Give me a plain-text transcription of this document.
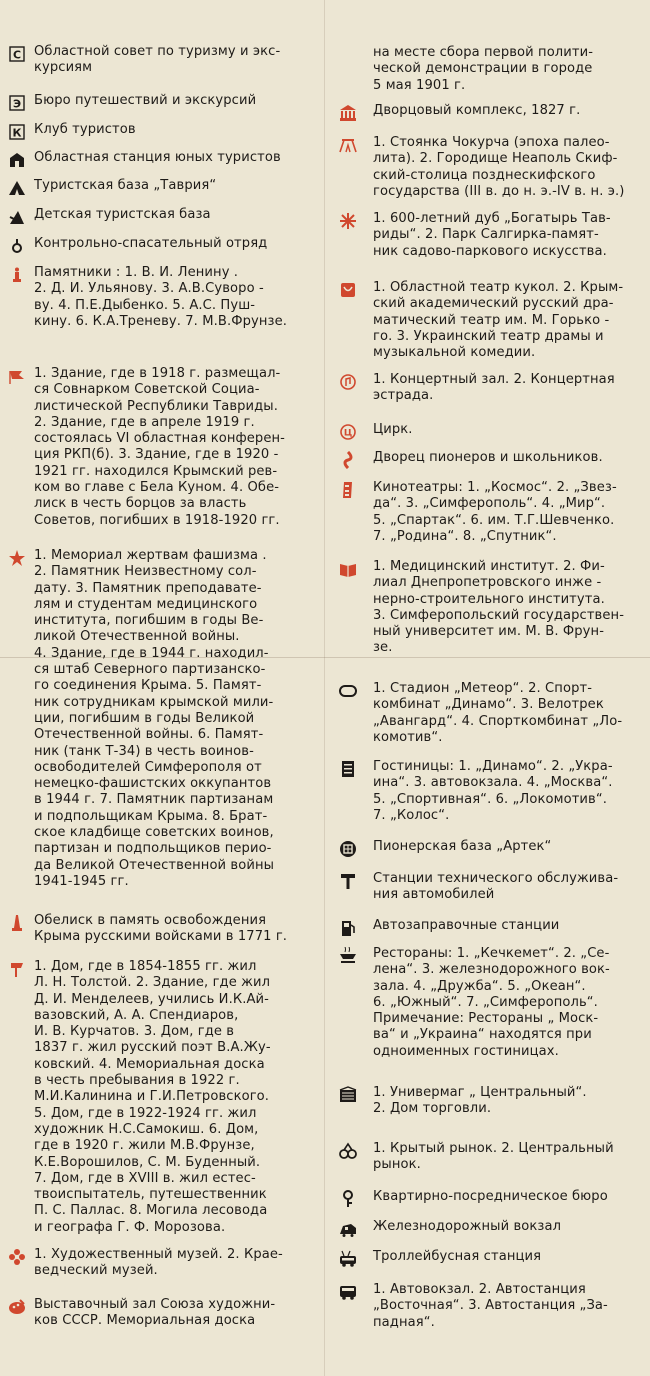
С Областной совет по туризму и экс-
курсиям
Э Бюро путешествий и экскурсий
К Клуб туристов
Областная станция юных туристов
Туристская база „Таврия“
Детская туристская база
Контрольно-спасательный отряд
Памятники : 1. В. И. Ленину .
2. Д. И. Ульянову. 3. А.В.Суворо -
ву. 4. П.Е.Дыбенко. 5. А.С. Пуш-
кину. 6. К.А.Треневу. 7. М.В.Фрунзе.
1. Здание, где в 1918 г. размещал-
ся Совнарком Советской Социа-
листической Республики Тавриды.
2. Здание, где в апреле 1919 г.
состоялась VI областная конферен-
ция РКП(б). 3. Здание, где в 1920 -
1921 гг. находился Крымский рев-
ком во главе с Бела Куном. 4. Обе-
лиск в честь борцов за власть
Советов, погибших в 1918-1920 гг.
1. Мемориал жертвам фашизма .
2. Памятник Неизвестному сол-
дату. 3. Памятник преподавате-
лям и студентам медицинского
института, погибшим в годы Ве-
ликой Отечественной войны.
4. Здание, где в 1944 г. находил-
ся штаб Северного партизанско-
го соединения Крыма. 5. Памят-
ник сотрудникам крымской мили-
ции, погибшим в годы Великой
Отечественной войны. 6. Памят-
ник (танк Т-34) в честь воинов-
освободителей Симферополя от
немецко-фашистских оккупантов
в 1944 г. 7. Памятник партизанам
и подпольщикам Крыма. 8. Брат-
ское кладбище советских воинов,
партизан и подпольщиков перио-
да Великой Отечественной войны
1941-1945 гг.
Обелиск в память освобождения
Крыма русскими войсками в 1771 г.
1. Дом, где в 1854-1855 гг. жил
Л. Н. Толстой. 2. Здание, где жил
Д. И. Менделеев, учились И.К.Ай-
вазовский, А. А. Спендиаров,
И. В. Курчатов. 3. Дом, где в
1837 г. жил русский поэт В.А.Жу-
ковский. 4. Мемориальная доска
в честь пребывания в 1922 г.
М.И.Калинина и Г.И.Петровского.
5. Дом, где в 1922-1924 гг. жил
художник Н.С.Самокиш. 6. Дом,
где в 1920 г. жили М.В.Фрунзе,
К.Е.Ворошилов, С. М. Буденный.
7. Дом, где в XVIII в. жил естес-
твоиспытатель, путешественник
П. С. Паллас. 8. Могила лесовода
и географа Г. Ф. Морозова.
1. Художественный музей. 2. Крае-
ведческий музей.
Выставочный зал Союза художни-
ков СССР. Мемориальная доска
на месте сбора первой полити-
ческой демонстрации в городе
5 мая 1901 г.
Дворцовый комплекс, 1827 г.
1. Стоянка Чокурча (эпоха палео-
лита). 2. Городище Неаполь Скиф-
ский-столица позднескифского
государства (III в. до н. э.-IV в. н. э.)
1. 600-летний дуб „Богатырь Тав-
риды“. 2. Парк Салгирка-памят-
ник садово-паркового искусства.
1. Областной театр кукол. 2. Крым-
ский академический русский дра-
матический театр им. М. Горько -
го. 3. Украинский театр драмы и
музыкальной комедии.
1. Концертный зал. 2. Концертная
эстрада.
Ц Цирк.
Дворец пионеров и школьников.
Кинотеатры: 1. „Космос“. 2. „Звез-
да“. 3. „Симферополь“. 4. „Мир“.
5. „Спартак“. 6. им. Т.Г.Шевченко.
7. „Родина“. 8. „Спутник“.
1. Медицинский институт. 2. Фи-
лиал Днепропетровского инже -
нерно-строительного института.
3. Симферопольский государствен-
ный университет им. М. В. Фрун-
зе.
1. Стадион „Метеор“. 2. Спорт-
комбинат „Динамо“. 3. Велотрек
„Авангард“. 4. Спорткомбинат „Ло-
комотив“.
Гостиницы: 1. „Динамо“. 2. „Укра-
ина“. 3. автовокзала. 4. „Москва“.
5. „Спортивная“. 6. „Локомотив“.
7. „Колос“.
Пионерская база „Артек“
Станции технического обслужива-
ния автомобилей
Автозаправочные станции
Рестораны: 1. „Кечкемет“. 2. „Се-
лена“. 3. железнодорожного вок-
зала. 4. „Дружба“. 5. „Океан“.
6. „Южный“. 7. „Симферополь“.
Примечание: Рестораны „ Моск-
ва“ и „Украина“ находятся при
одноименных гостиницах.
1. Универмаг „ Центральный“.
2. Дом торговли.
1. Крытый рынок. 2. Центральный
рынок.
Квартирно-посредническое бюро
Железнодорожный вокзал
Троллейбусная станция
1. Автовокзал. 2. Автостанция
„Восточная“. 3. Автостанция „За-
падная“.
